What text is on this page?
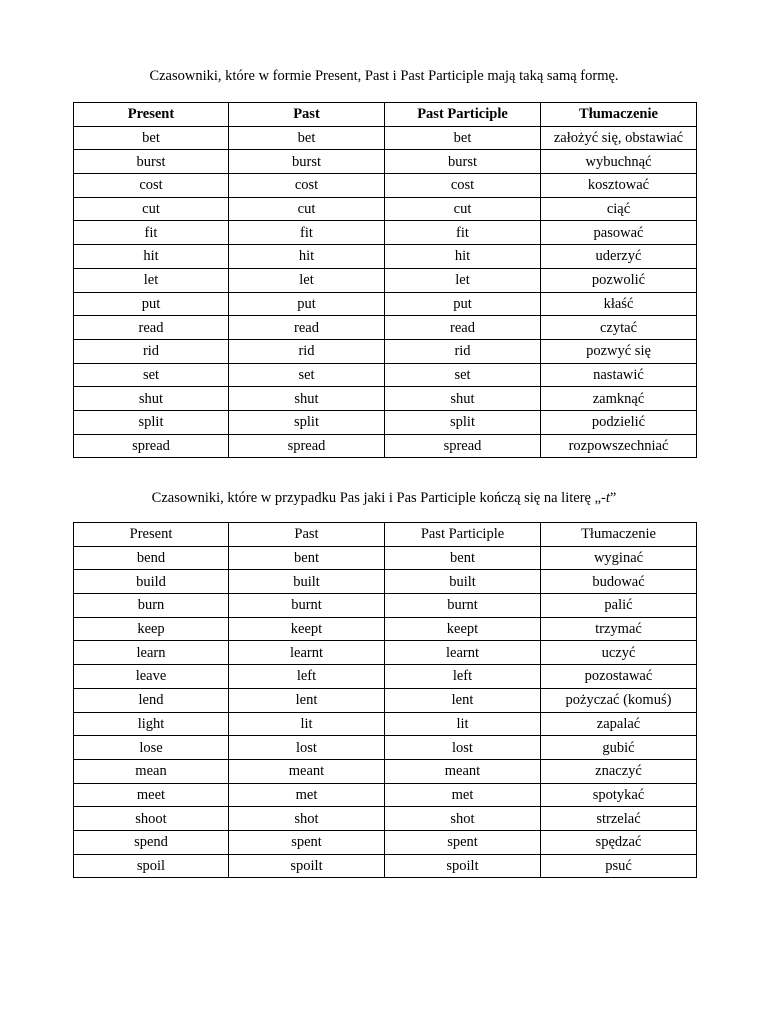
Czasowniki, które w formie Present, Past i Past Participle mają taką samą formę.
Present	Past	Past Participle	Tłumaczenie
bet	bet	bet	założyć się, obstawiać
burst	burst	burst	wybuchnąć
cost	cost	cost	kosztować
cut	cut	cut	ciąć
fit	fit	fit	pasować
hit	hit	hit	uderzyć
let	let	let	pozwolić
put	put	put	kłaść
read	read	read	czytać
rid	rid	rid	pozwyć się
set	set	set	nastawić
shut	shut	shut	zamknąć
split	split	split	podzielić
spread	spread	spread	rozpowszechniać
Czasowniki, które w przypadku Pas jaki i Pas Participle kończą się na literę „-t”
Present	Past	Past Participle	Tłumaczenie
bend	bent	bent	wyginać
build	built	built	budować
burn	burnt	burnt	palić
keep	keept	keept	trzymać
learn	learnt	learnt	uczyć
leave	left	left	pozostawać
lend	lent	lent	pożyczać (komuś)
light	lit	lit	zapalać
lose	lost	lost	gubić
mean	meant	meant	znaczyć
meet	met	met	spotykać
shoot	shot	shot	strzelać
spend	spent	spent	spędzać
spoil	spoilt	spoilt	psuć
